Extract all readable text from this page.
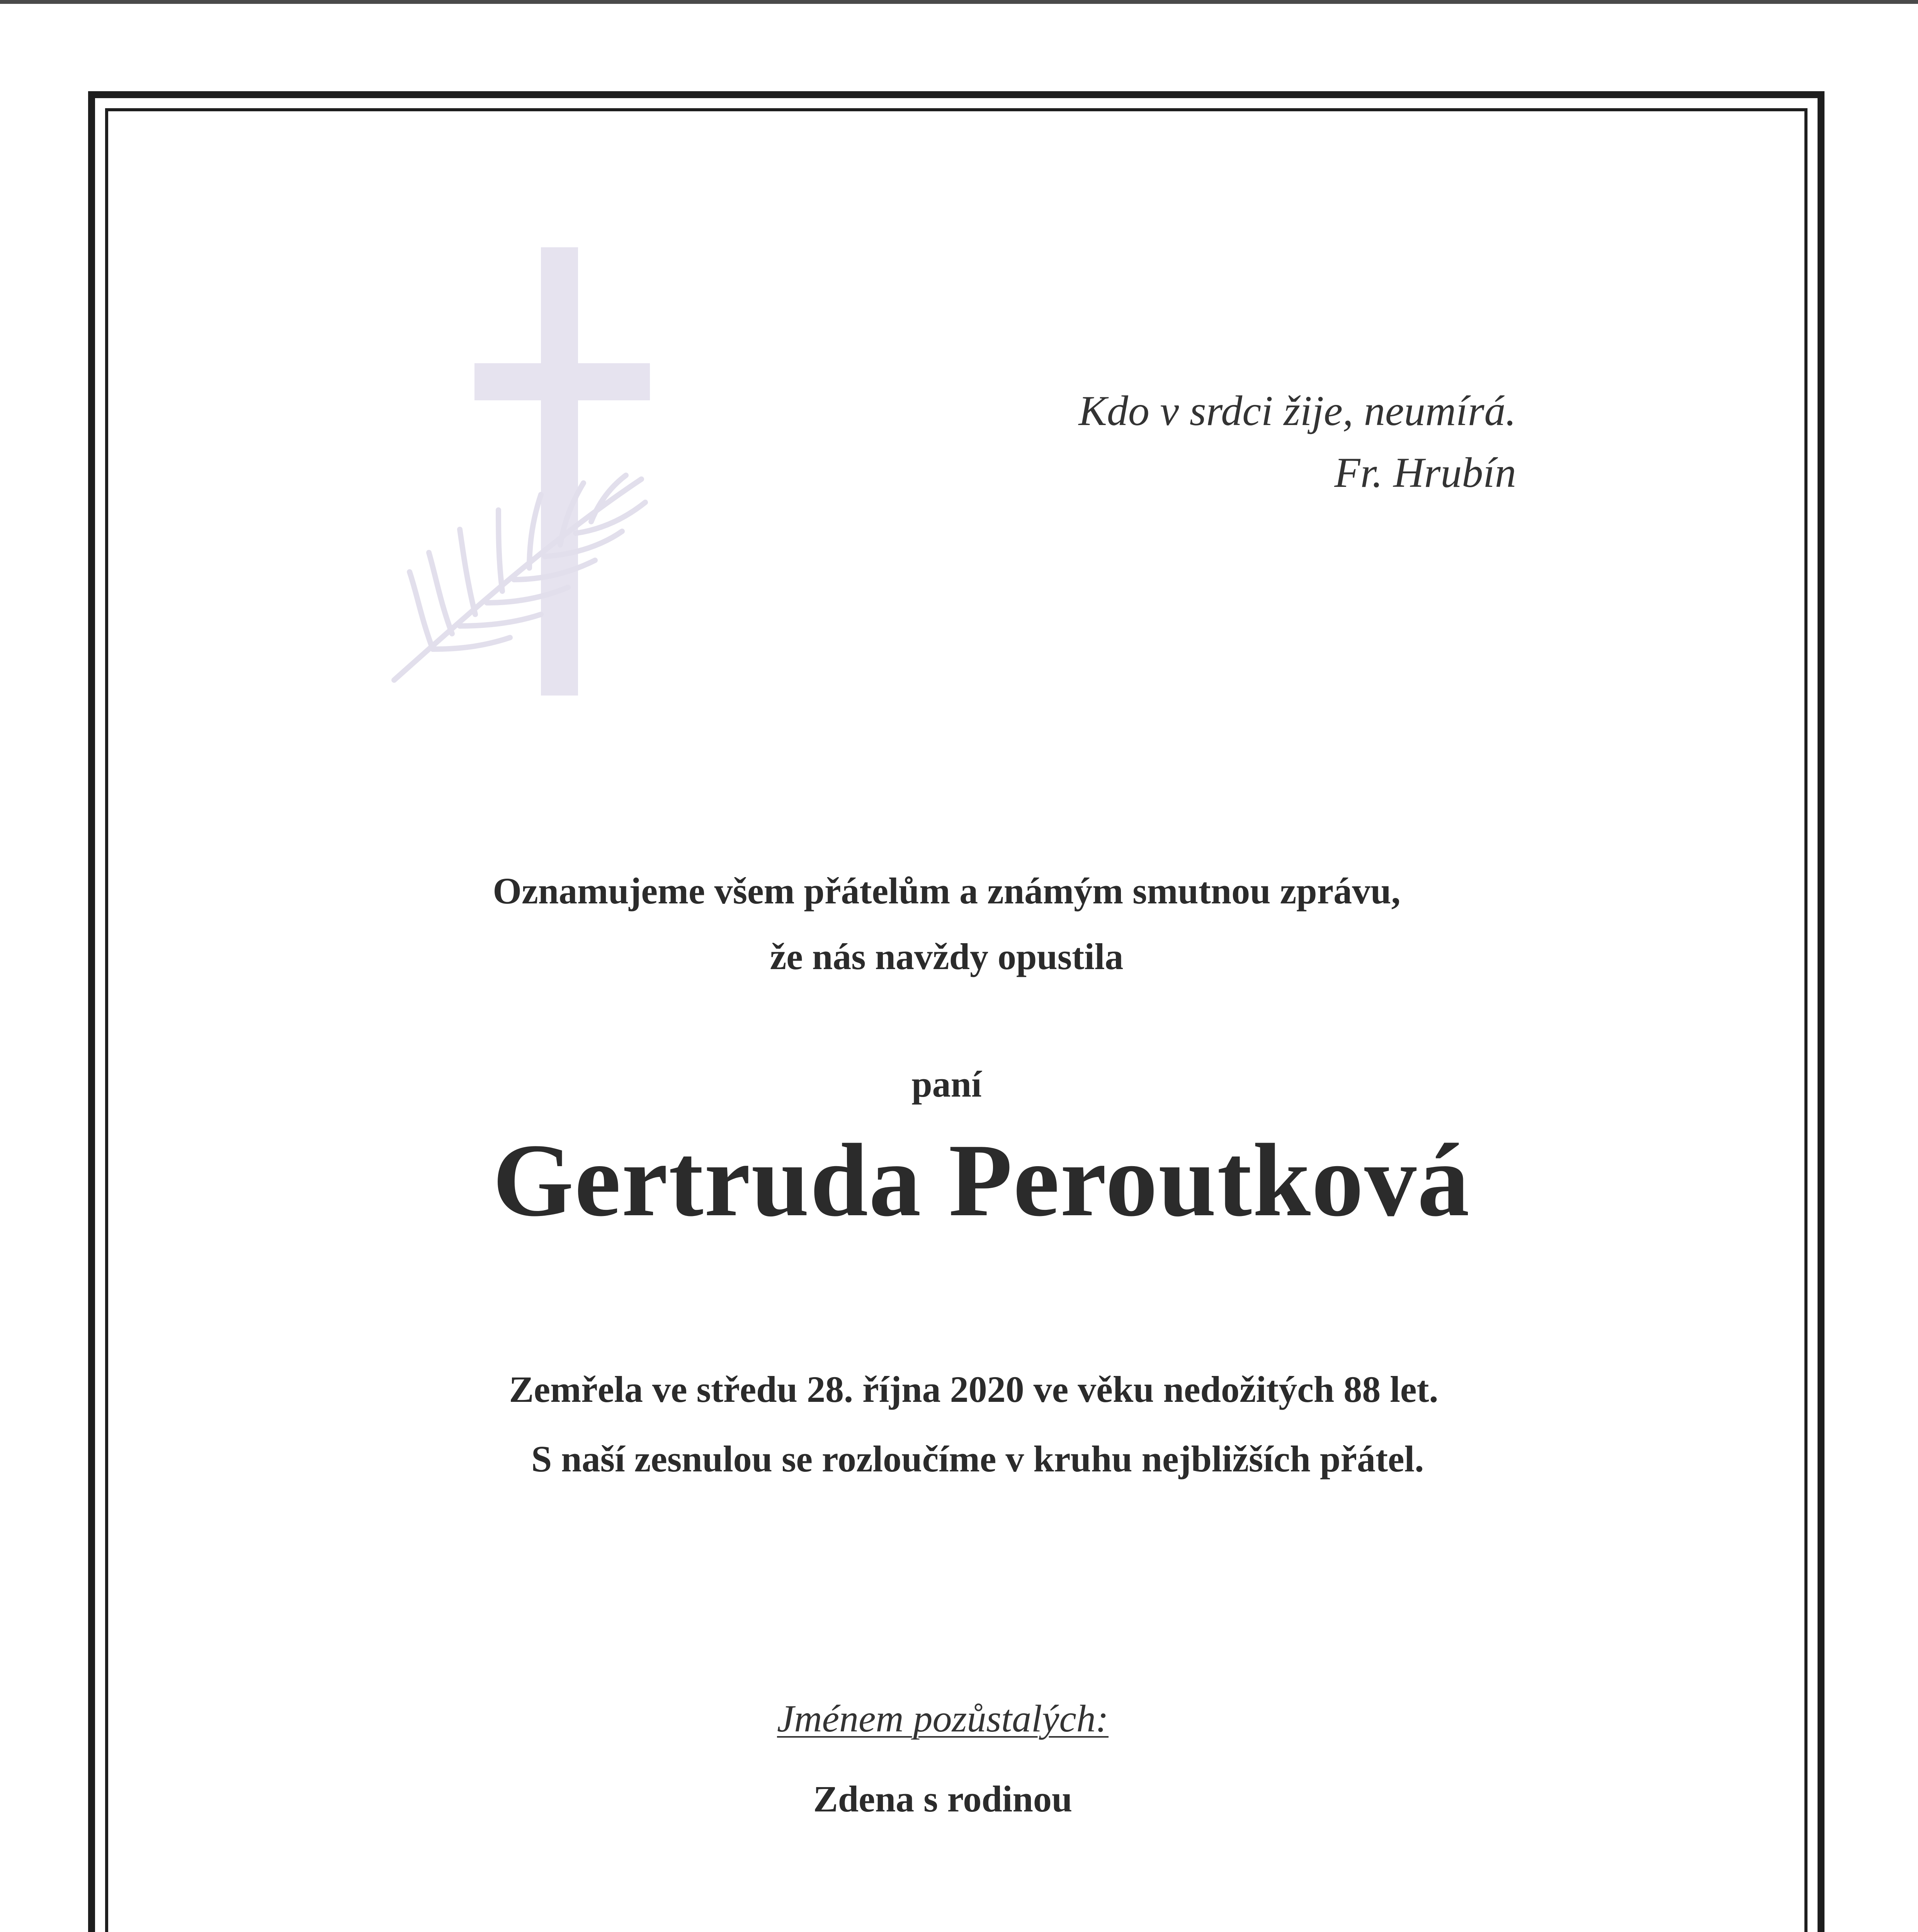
Kdo v srdci žije, neumírá.
Fr. Hrubín
Oznamujeme všem přátelům a známým smutnou zprávu,
že nás navždy opustila
paní
Gertruda Peroutková
Zemřela ve středu 28. října 2020 ve věku nedožitých 88 let.
S naší zesnulou se rozloučíme v kruhu nejbližších přátel.
Jménem pozůstalých:
Zdena s rodinou
